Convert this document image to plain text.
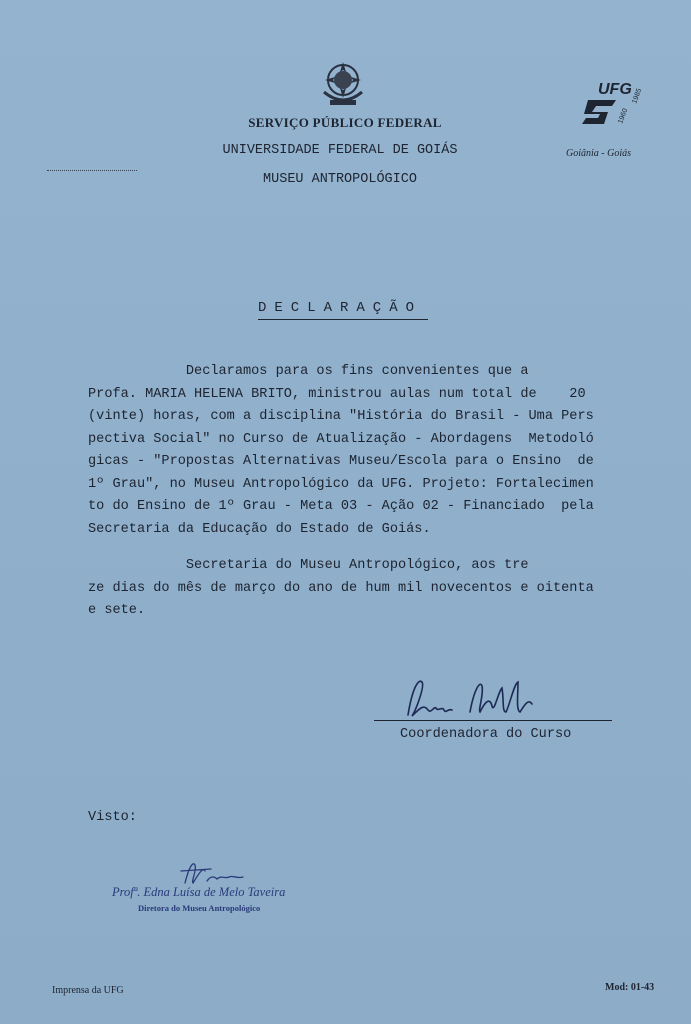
UFG
1960
1985
SERVIÇO PÚBLICO FEDERAL
UNIVERSIDADE FEDERAL DE GOIÁS
MUSEU ANTROPOLÓGICO
Goiânia - Goiás
DECLARAÇÃO
Declaramos para os fins convenientes que a
Profa. MARIA HELENA BRITO, ministrou aulas num total de    20
(vinte) horas, com a disciplina "História do Brasil - Uma Pers
pectiva Social" no Curso de Atualização - Abordagens  Metodoló
gicas - "Propostas Alternativas Museu/Escola para o Ensino  de
1º Grau", no Museu Antropológico da UFG. Projeto: Fortalecimen
to do Ensino de 1º Grau - Meta 03 - Ação 02 - Financiado  pela
Secretaria da Educação do Estado de Goiás.
Secretaria do Museu Antropológico, aos tre
ze dias do mês de março do ano de hum mil novecentos e oitenta
e sete.
Coordenadora do Curso
Visto:
Profª. Edna Luísa de Melo Taveira
Diretora do Museu Antropológico
Imprensa da UFG	Mod: 01-43
